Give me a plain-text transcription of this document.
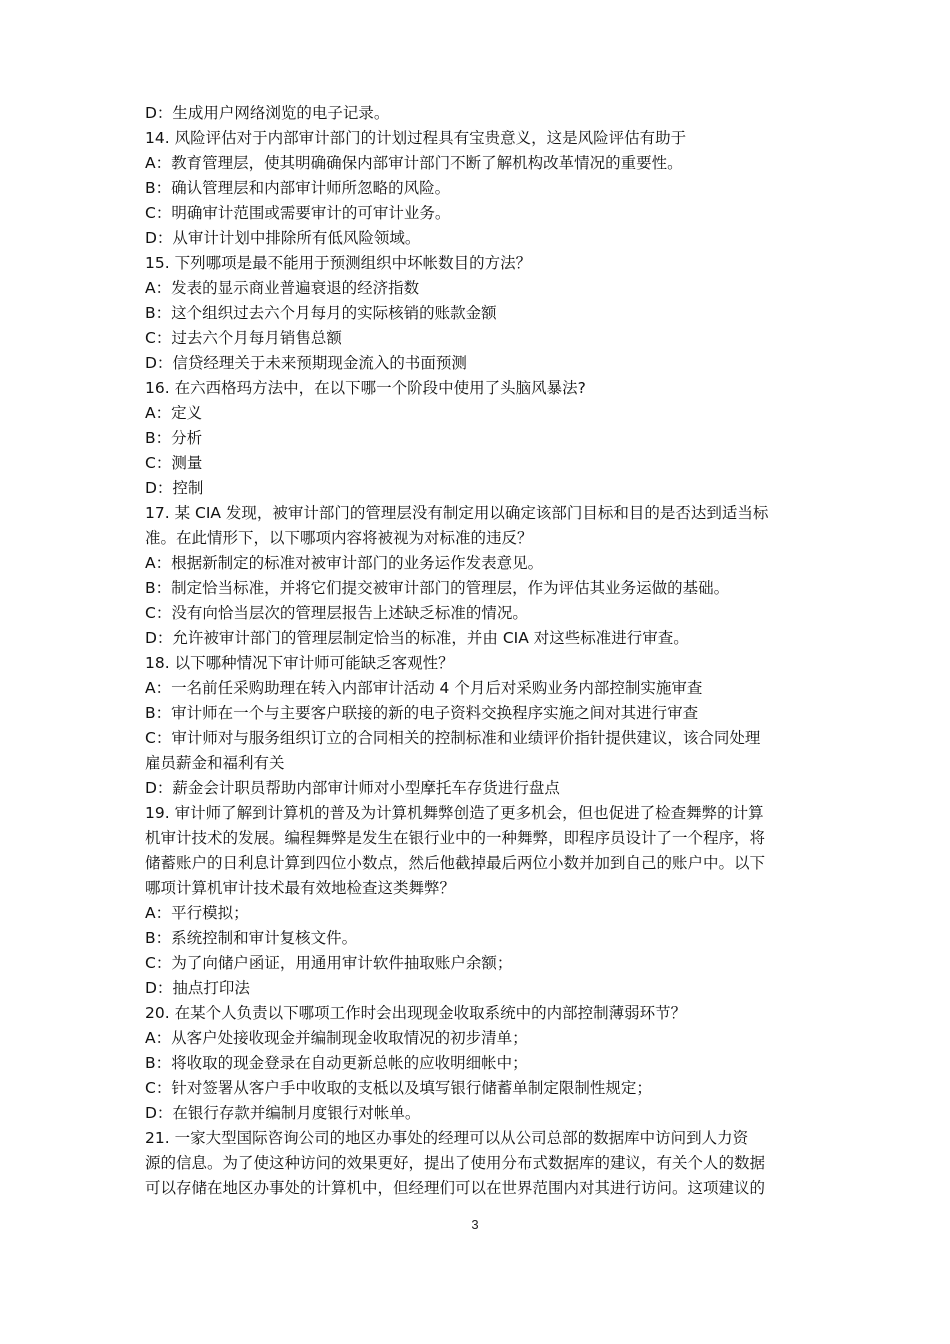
D：生成用户网络浏览的电子记录。
14. 风险评估对于内部审计部门的计划过程具有宝贵意义，这是风险评估有助于
A：教育管理层，使其明确确保内部审计部门不断了解机构改革情况的重要性。
B：确认管理层和内部审计师所忽略的风险。
C：明确审计范围或需要审计的可审计业务。
D：从审计计划中排除所有低风险领域。
15. 下列哪项是最不能用于预测组织中坏帐数目的方法？
A：发表的显示商业普遍衰退的经济指数
B：这个组织过去六个月每月的实际核销的账款金额
C：过去六个月每月销售总额
D：信贷经理关于未来预期现金流入的书面预测
16. 在六西格玛方法中，在以下哪一个阶段中使用了头脑风暴法?
A：定义
B：分析
C：测量
D：控制
17. 某 CIA 发现，被审计部门的管理层没有制定用以确定该部门目标和目的是否达到适当标
准。在此情形下，以下哪项内容将被视为对标准的违反？
A：根据新制定的标准对被审计部门的业务运作发表意见。
B：制定恰当标准，并将它们提交被审计部门的管理层，作为评估其业务运做的基础。
C：没有向恰当层次的管理层报告上述缺乏标准的情况。
D：允许被审计部门的管理层制定恰当的标准，并由 CIA 对这些标准进行审查。
18. 以下哪种情况下审计师可能缺乏客观性？
A：一名前任采购助理在转入内部审计活动 4 个月后对采购业务内部控制实施审查
B：审计师在一个与主要客户联接的新的电子资料交换程序实施之间对其进行审查
C：审计师对与服务组织订立的合同相关的控制标准和业绩评价指针提供建议，该合同处理
雇员薪金和福利有关
D：薪金会计职员帮助内部审计师对小型摩托车存货进行盘点
19. 审计师了解到计算机的普及为计算机舞弊创造了更多机会，但也促进了检查舞弊的计算
机审计技术的发展。编程舞弊是发生在银行业中的一种舞弊，即程序员设计了一个程序，将
储蓄账户的日利息计算到四位小数点，然后他截掉最后两位小数并加到自己的账户中。以下
哪项计算机审计技术最有效地检查这类舞弊？
A：平行模拟；
B：系统控制和审计复核文件。
C：为了向储户函证，用通用审计软件抽取账户余额；
D：抽点打印法
20. 在某个人负责以下哪项工作时会出现现金收取系统中的内部控制薄弱环节？
A：从客户处接收现金并编制现金收取情况的初步清单；
B：将收取的现金登录在自动更新总帐的应收明细帐中；
C：针对签署从客户手中收取的支柢以及填写银行储蓄单制定限制性规定；
D：在银行存款并编制月度银行对帐单。
21. 一家大型国际咨询公司的地区办事处的经理可以从公司总部的数据库中访问到人力资
源的信息。为了使这种访问的效果更好，提出了使用分布式数据库的建议，有关个人的数据
可以存储在地区办事处的计算机中，但经理们可以在世界范围内对其进行访问。这项建议的
3
